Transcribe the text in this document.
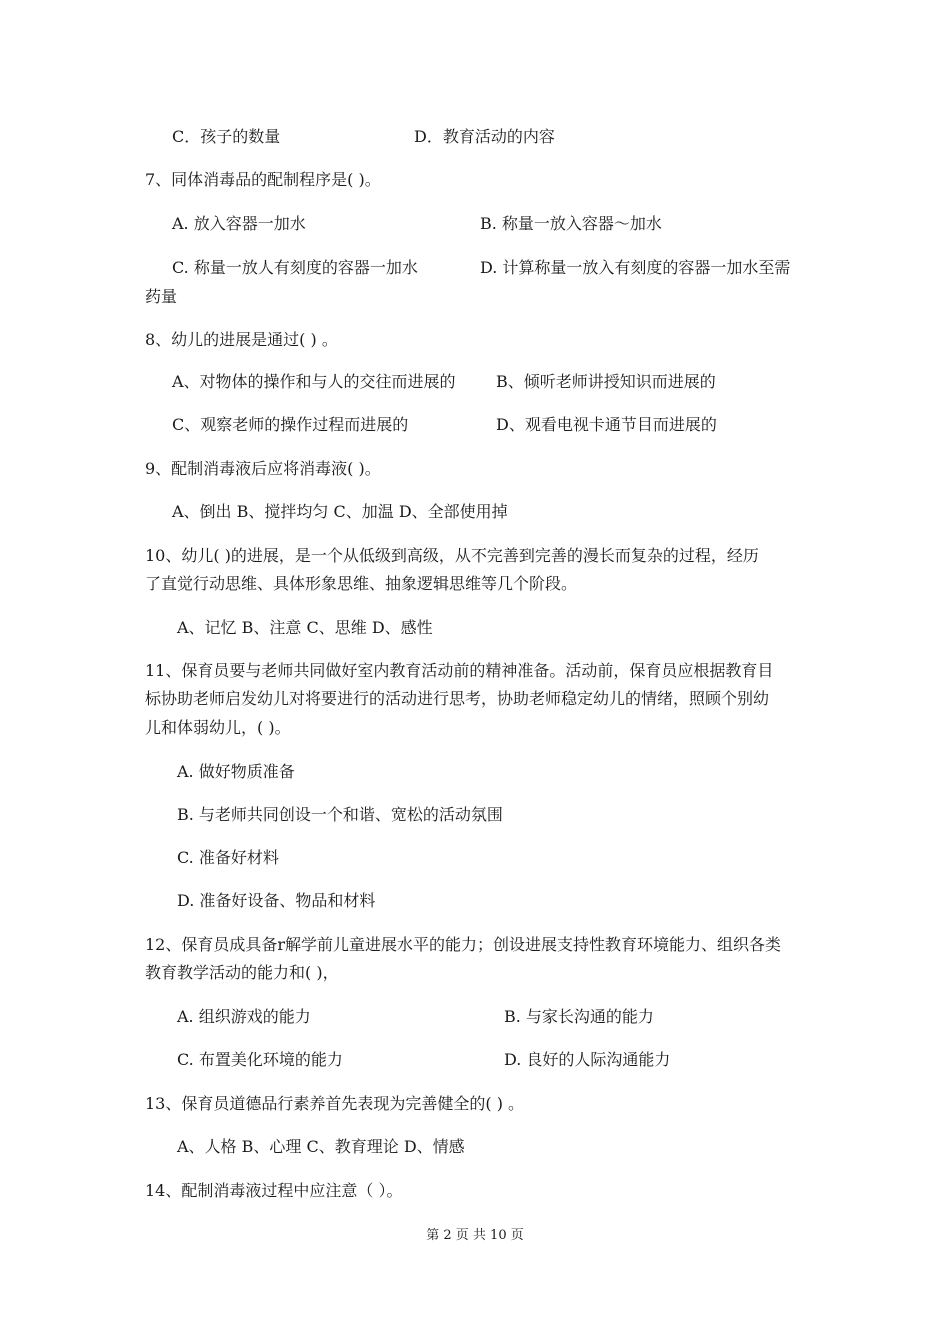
C．孩子的数量	D．教育活动的内容
7、同体消毒品的配制程序是( )。
A. 放入容器一加水	B. 称量一放入容器～加水
C. 称量一放人有刻度的容器一加水	D. 计算称量一放入有刻度的容器一加水至需
药量
8、幼儿的进展是通过( ) 。
A、对物体的操作和与人的交往而进展的	B、倾听老师讲授知识而进展的
C、观察老师的操作过程而进展的	D、观看电视卡通节目而进展的
9、配制消毒液后应将消毒液( )。
A、倒出 B、搅拌均匀 C、加温 D、全部使用掉
10、幼儿( )的进展，是一个从低级到高级，从不完善到完善的漫长而复杂的过程，经历
了直觉行动思维、具体形象思维、抽象逻辑思维等几个阶段。
A、记忆 B、注意 C、思维 D、感性
11、保育员要与老师共同做好室内教育活动前的精神准备。活动前，保育员应根据教育目
标协助老师启发幼儿对将要进行的活动进行思考，协助老师稳定幼儿的情绪，照顾个别幼
儿和体弱幼儿，( )。
A. 做好物质准备
B. 与老师共同创设一个和谐、宽松的活动氛围
C. 准备好材料
D. 准备好设备、物品和材料
12、保育员成具备r解学前儿童进展水平的能力；创设进展支持性教育环境能力、组织各类
教育教学活动的能力和( )，
A. 组织游戏的能力	B. 与家长沟通的能力
C. 布置美化环境的能力	D. 良好的人际沟通能力
13、保育员道德品行素养首先表现为完善健全的( ) 。
A、人格 B、心理 C、教育理论 D、情感
14、配制消毒液过程中应注意（ ）。
第 2 页 共 10 页
